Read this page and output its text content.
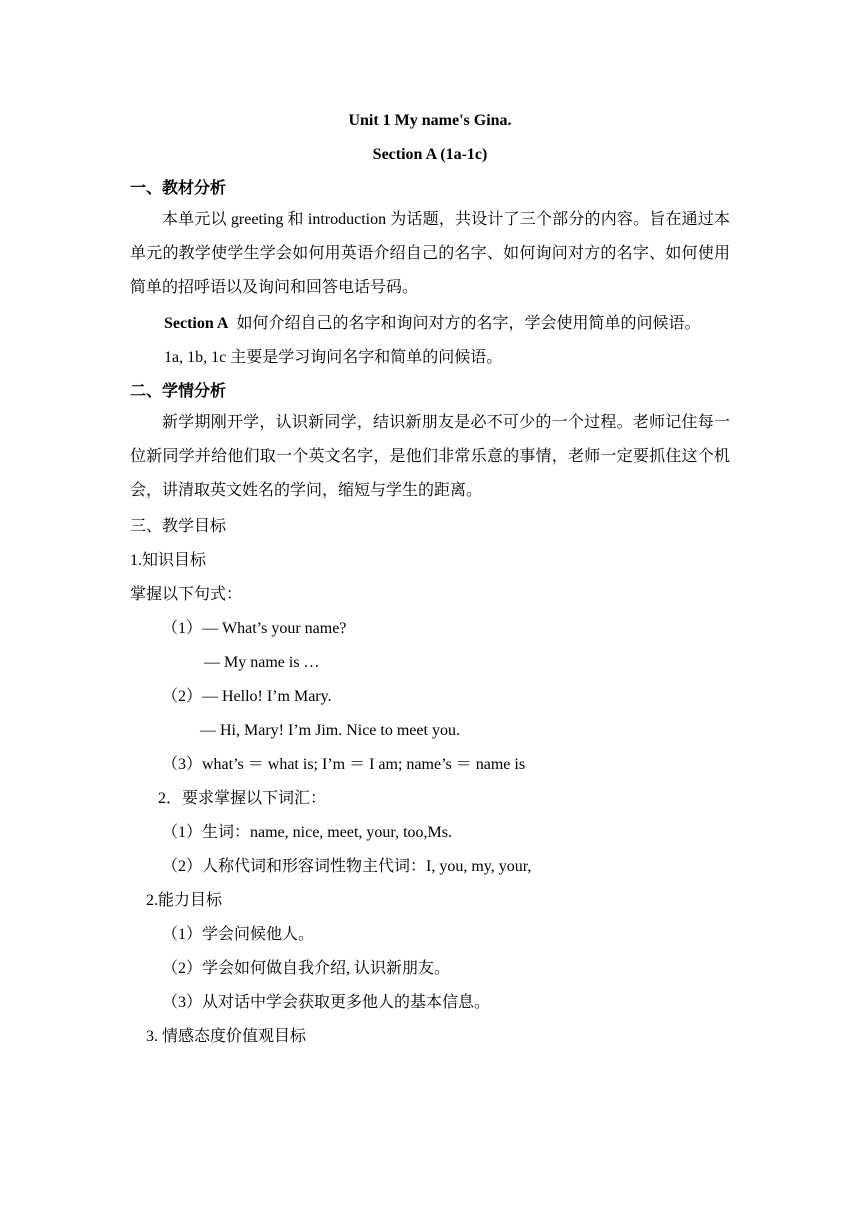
Unit 1 My name's Gina.
Section A (1a-1c)
一、教材分析
本单元以 greeting 和 introduction 为话题，共设计了三个部分的内容。旨在通过本单元的教学使学生学会如何用英语介绍自己的名字、如何询问对方的名字、如何使用简单的招呼语以及询问和回答电话号码。
Section A 如何介绍自己的名字和询问对方的名字，学会使用简单的问候语。
1a, 1b, 1c 主要是学习询问名字和简单的问候语。
二、学情分析
新学期刚开学，认识新同学，结识新朋友是必不可少的一个过程。老师记住每一位新同学并给他们取一个英文名字，是他们非常乐意的事情，老师一定要抓住这个机会，讲清取英文姓名的学问，缩短与学生的距离。
三、教学目标
1.知识目标
掌握以下句式：
（1）— What’s your name?
— My name is …
（2）— Hello! I’m Mary.
— Hi, Mary! I’m Jim. Nice to meet you.
（3）what’s ＝ what is; I’m ＝ I am; name’s ＝ name is
2．要求掌握以下词汇：
（1）生词：name, nice, meet, your, too,Ms.
（2）人称代词和形容词性物主代词：I, you, my, your,
2.能力目标
（1）学会问候他人。
（2）学会如何做自我介绍, 认识新朋友。
（3）从对话中学会获取更多他人的基本信息。
3. 情感态度价值观目标
